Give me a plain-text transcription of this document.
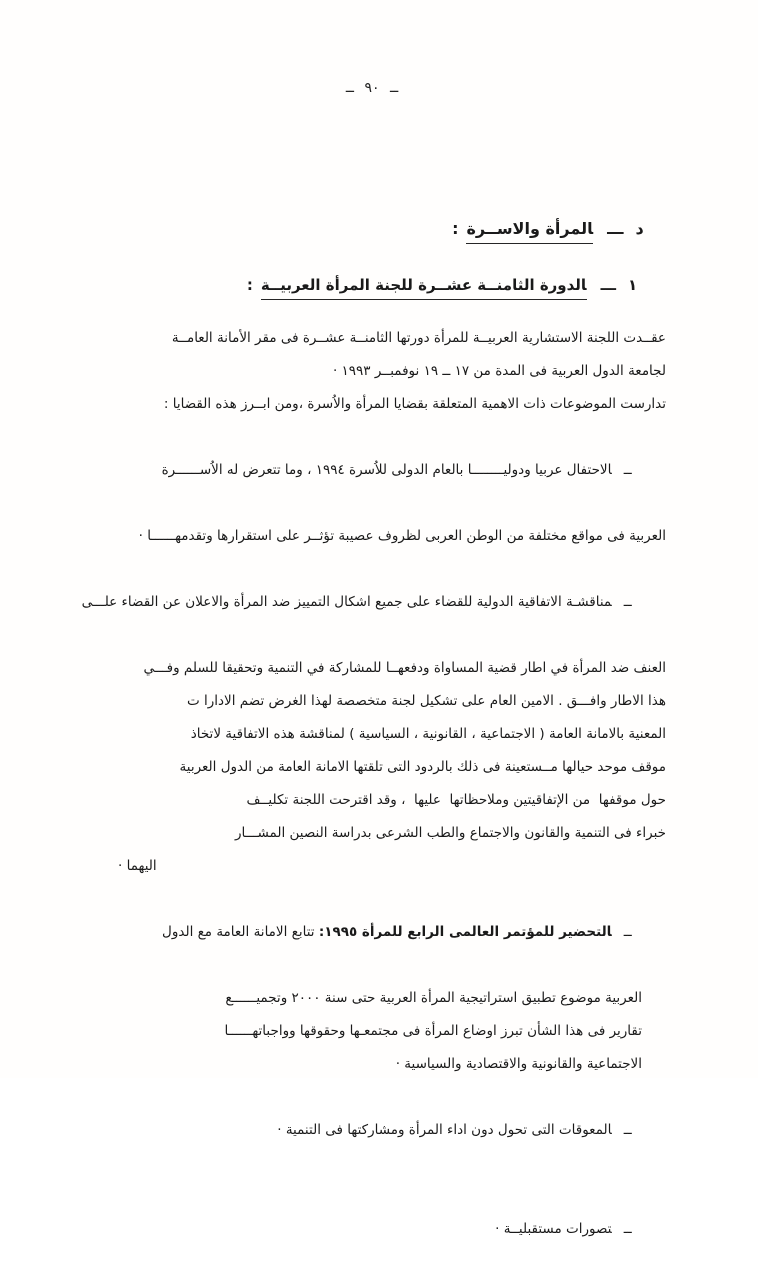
ــ ٩٠ ــ

دـــالمرأة والاســرة:

١ـــالدورة الثامنــة عشــرة للجنة المرأة العربيــة:

عقــدت اللجنة الاستشارية العربيــة للمرأة دورتها الثامنــة عشــرة فى مقر الأمانة العامــة
لجامعة الدول العربية فى المدة من ١٧ ــ ١٩ نوفمبــر ١٩٩٣ ·
تدارست الموضوعات ذات الاهمية المتعلقة بقضايا المرأة والاُسرة ،ومن ابــرز هذه القضايا :

ــالاحتفال عربيا ودوليــــــــا بالعام الدولى للاُسرة ١٩٩٤ ، وما تتعرض له الاُســــــرة

العربية فى مواقع مختلفة من الوطن العربى لظروف عصيبة تؤثــر على استقرارها وتقدمهــــــا ·

ــمناقشـة الاتفاقية الدولية للقضاء على جميع اشكال التمييز ضد المرأة والاعلان عن القضاء علـــى

العنف ضد المرأة في اطار قضية المساواة ودفعهــا للمشاركة في التنمية وتحقيقا للسلم وفـــي
هذا الاطار وافـــق . الامين العام على تشكيل لجنة متخصصة لهذا الغرض تضم الادارا ت
المعنية بالامانة العامة ( الاجتماعية ، القانونية ، السياسية ) لمناقشة هذه الاتفاقية لاتخاذ
موقف موحد حيالها مــستعينة فى ذلك بالردود التى تلقتها الامانة العامة من الدول العربية
حول موقفها  من الإتفاقيتين وملاحظاتها  عليها  ، وقد اقترحت اللجنة تكليــف
خبراء فى التنمية والقانون والاجتماع والطب الشرعى بدراسة النصين المشـــار
اليهما ·

ــالتحضير للمؤتمر العالمى الرابع للمرأة ١٩٩٥: تتابع الامانة العامة مع الدول

العربية موضوع تطبيق استراتيجية المرأة العربية حتى سنة ٢٠٠٠ وتجميــــــع
تقارير فى هذا الشأن تبرز اوضاع المرأة فى مجتمعـها وحقوقها وواجباتهــــــا
الاجتماعية والقانونية والاقتصادية والسياسية ·

ــالمعوقات التى تحول دون اداء المرأة ومشاركتها فى التنمية ·

ــتصورات مستقبليــة ·
